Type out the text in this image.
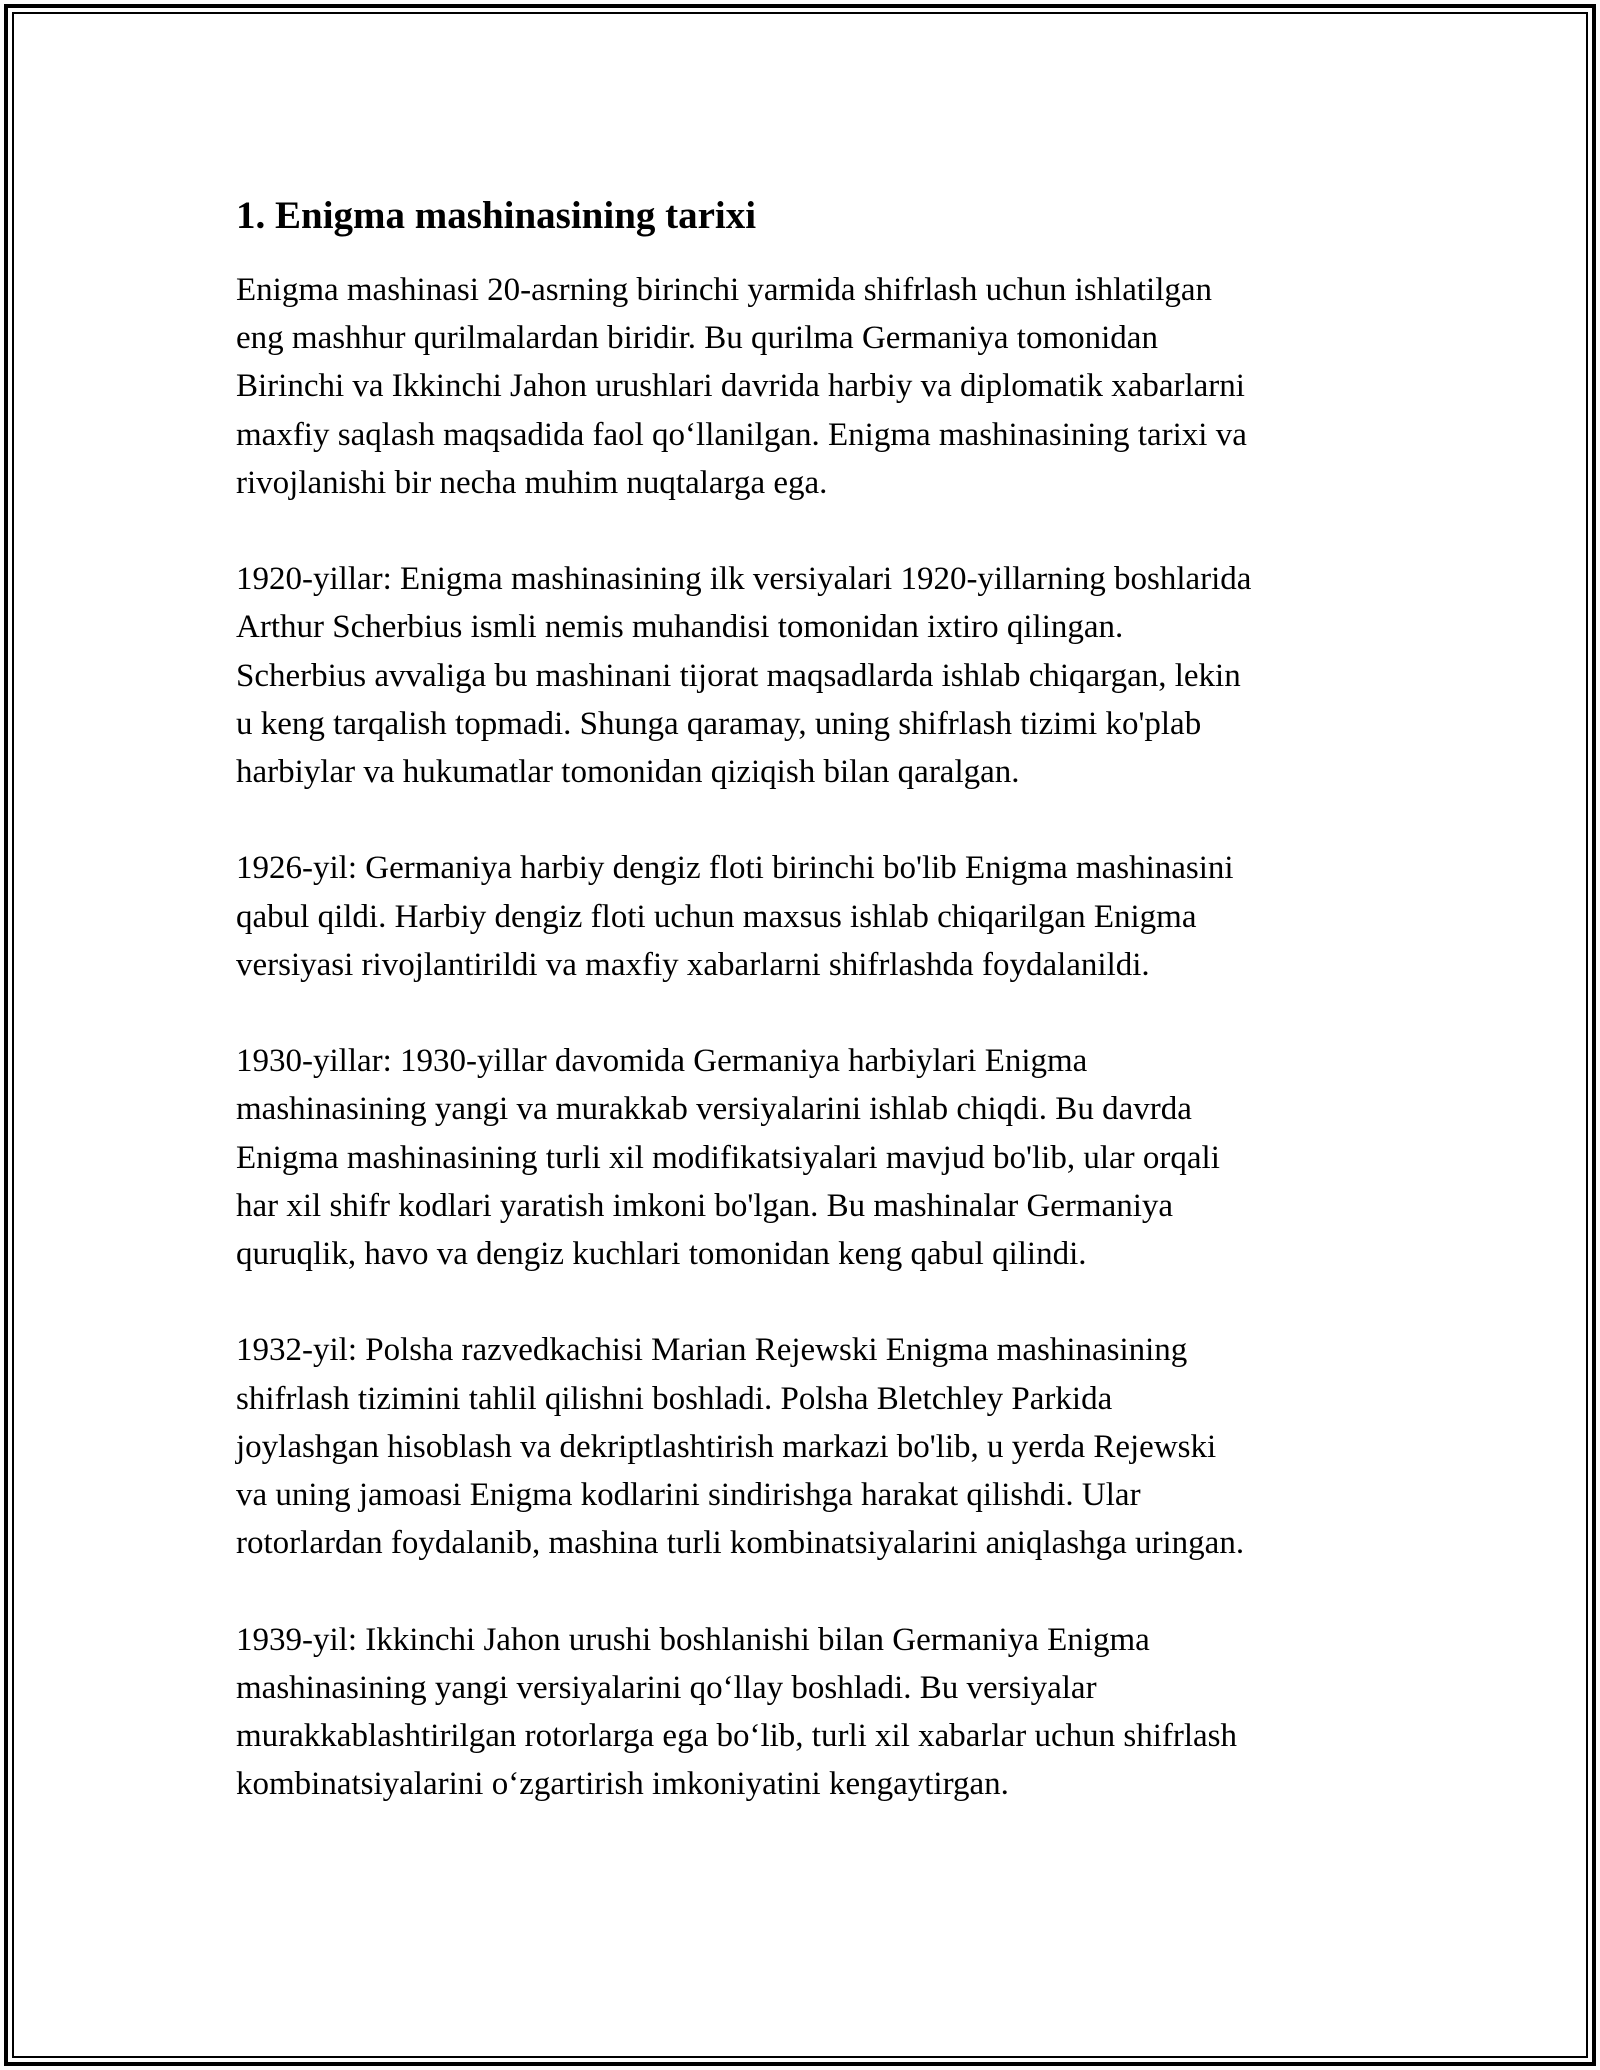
1. Enigma mashinasining tarixi

Enigma mashinasi 20-asrning birinchi yarmida shifrlash uchun ishlatilgan
eng mashhur qurilmalardan biridir. Bu qurilma Germaniya tomonidan
Birinchi va Ikkinchi Jahon urushlari davrida harbiy va diplomatik xabarlarni
maxfiy saqlash maqsadida faol qo‘llanilgan. Enigma mashinasining tarixi va
rivojlanishi bir necha muhim nuqtalarga ega.

1920-yillar: Enigma mashinasining ilk versiyalari 1920-yillarning boshlarida
Arthur Scherbius ismli nemis muhandisi tomonidan ixtiro qilingan.
Scherbius avvaliga bu mashinani tijorat maqsadlarda ishlab chiqargan, lekin
u keng tarqalish topmadi. Shunga qaramay, uning shifrlash tizimi ko'plab
harbiylar va hukumatlar tomonidan qiziqish bilan qaralgan.

1926-yil: Germaniya harbiy dengiz floti birinchi bo'lib Enigma mashinasini
qabul qildi. Harbiy dengiz floti uchun maxsus ishlab chiqarilgan Enigma
versiyasi rivojlantirildi va maxfiy xabarlarni shifrlashda foydalanildi.

1930-yillar: 1930-yillar davomida Germaniya harbiylari Enigma
mashinasining yangi va murakkab versiyalarini ishlab chiqdi. Bu davrda
Enigma mashinasining turli xil modifikatsiyalari mavjud bo'lib, ular orqali
har xil shifr kodlari yaratish imkoni bo'lgan. Bu mashinalar Germaniya
quruqlik, havo va dengiz kuchlari tomonidan keng qabul qilindi.

1932-yil: Polsha razvedkachisi Marian Rejewski Enigma mashinasining
shifrlash tizimini tahlil qilishni boshladi. Polsha Bletchley Parkida
joylashgan hisoblash va dekriptlashtirish markazi bo'lib, u yerda Rejewski
va uning jamoasi Enigma kodlarini sindirishga harakat qilishdi. Ular
rotorlardan foydalanib, mashina turli kombinatsiyalarini aniqlashga uringan.

1939-yil: Ikkinchi Jahon urushi boshlanishi bilan Germaniya Enigma
mashinasining yangi versiyalarini qo‘llay boshladi. Bu versiyalar
murakkablashtirilgan rotorlarga ega bo‘lib, turli xil xabarlar uchun shifrlash
kombinatsiyalarini o‘zgartirish imkoniyatini kengaytirgan.
